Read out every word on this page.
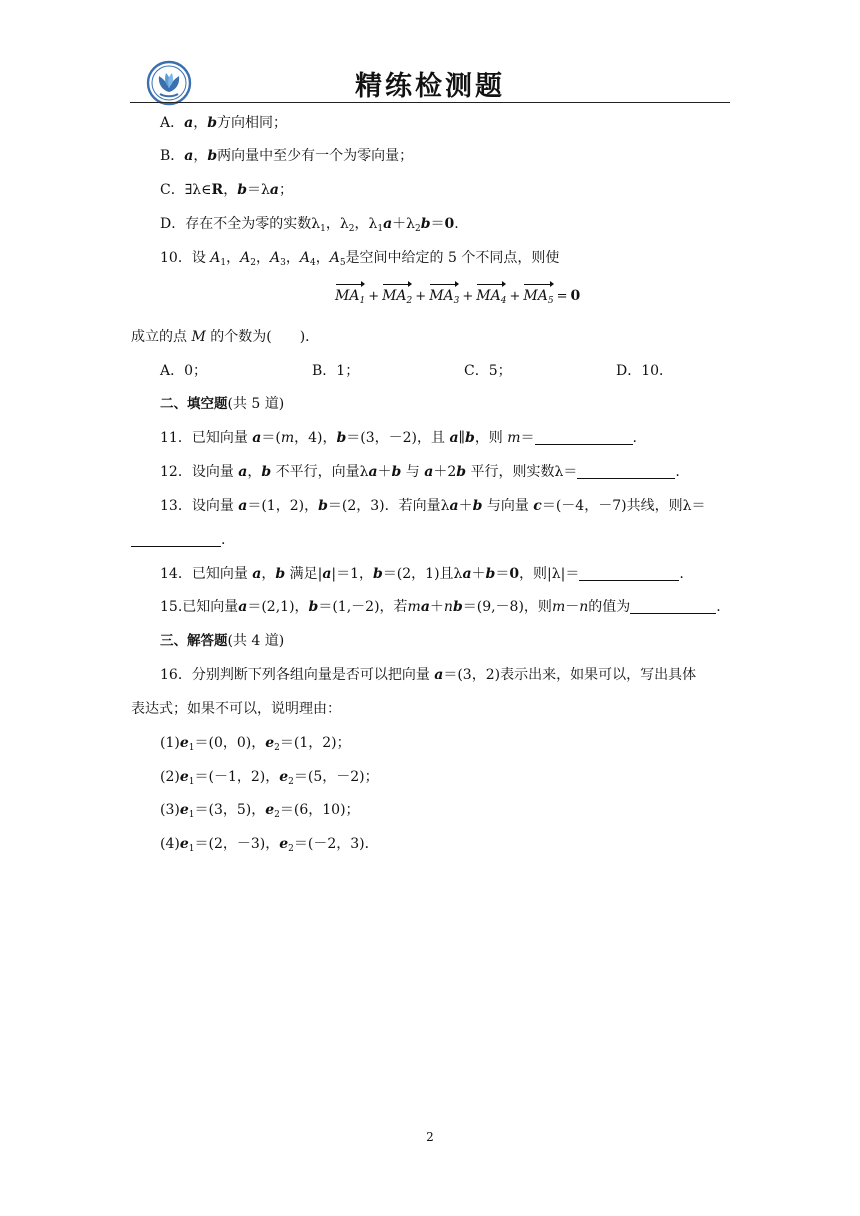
精练检测题
A．a，b方向相同；
B．a，b两向量中至少有一个为零向量；
C．∃λ∈R，b＝λa；
D．存在不全为零的实数$\lambda_1$，$\lambda_2$，$\lambda_1a+\lambda_2b=0$.
10．设 $A_1$，$A_2$，$A_3$，$A_4$，$A_5$是空间中给定的 5 个不同点，则使
$MA_1 + MA_2 + MA_3 + MA_4 + MA_5 = 0$
成立的点 M 的个数为(　　)．
A．0；	B．1；	C．5；	D．10．
二、填空题(共 5 道)
11．已知向量 a＝(m，4)，b＝(3，－2)，且 a∥b，则 m＝	.
12．设向量 a，b 不平行，向量λa＋b 与 a＋2b 平行，则实数λ＝	.
13．设向量 a＝(1，2)，b＝(2，3)．若向量λa＋b 与向量 c＝(－4，－7)共线，则λ＝
.
14．已知向量 a，b 满足|a|＝1，b＝(2，1)且λa＋b＝0，则|λ|＝	.
15.已知向量a＝(2,1)，b＝(1,－2)，若ma＋nb＝(9,－8)，则m－n的值为	.
三、解答题(共 4 道)
16．分别判断下列各组向量是否可以把向量 a＝(3，2)表示出来，如果可以，写出具体
表达式；如果不可以，说明理由：
$(1)e_1=(0$，0)，$e_2=(1$，2)；
$(2)e_1=(-1$，2)，$e_2=(5$，－2)；
$(3)e_1=(3$，5)，$e_2=(6$，10)；
$(4)e_1=(2$，－3)，$e_2=(-2$，3)．
2
